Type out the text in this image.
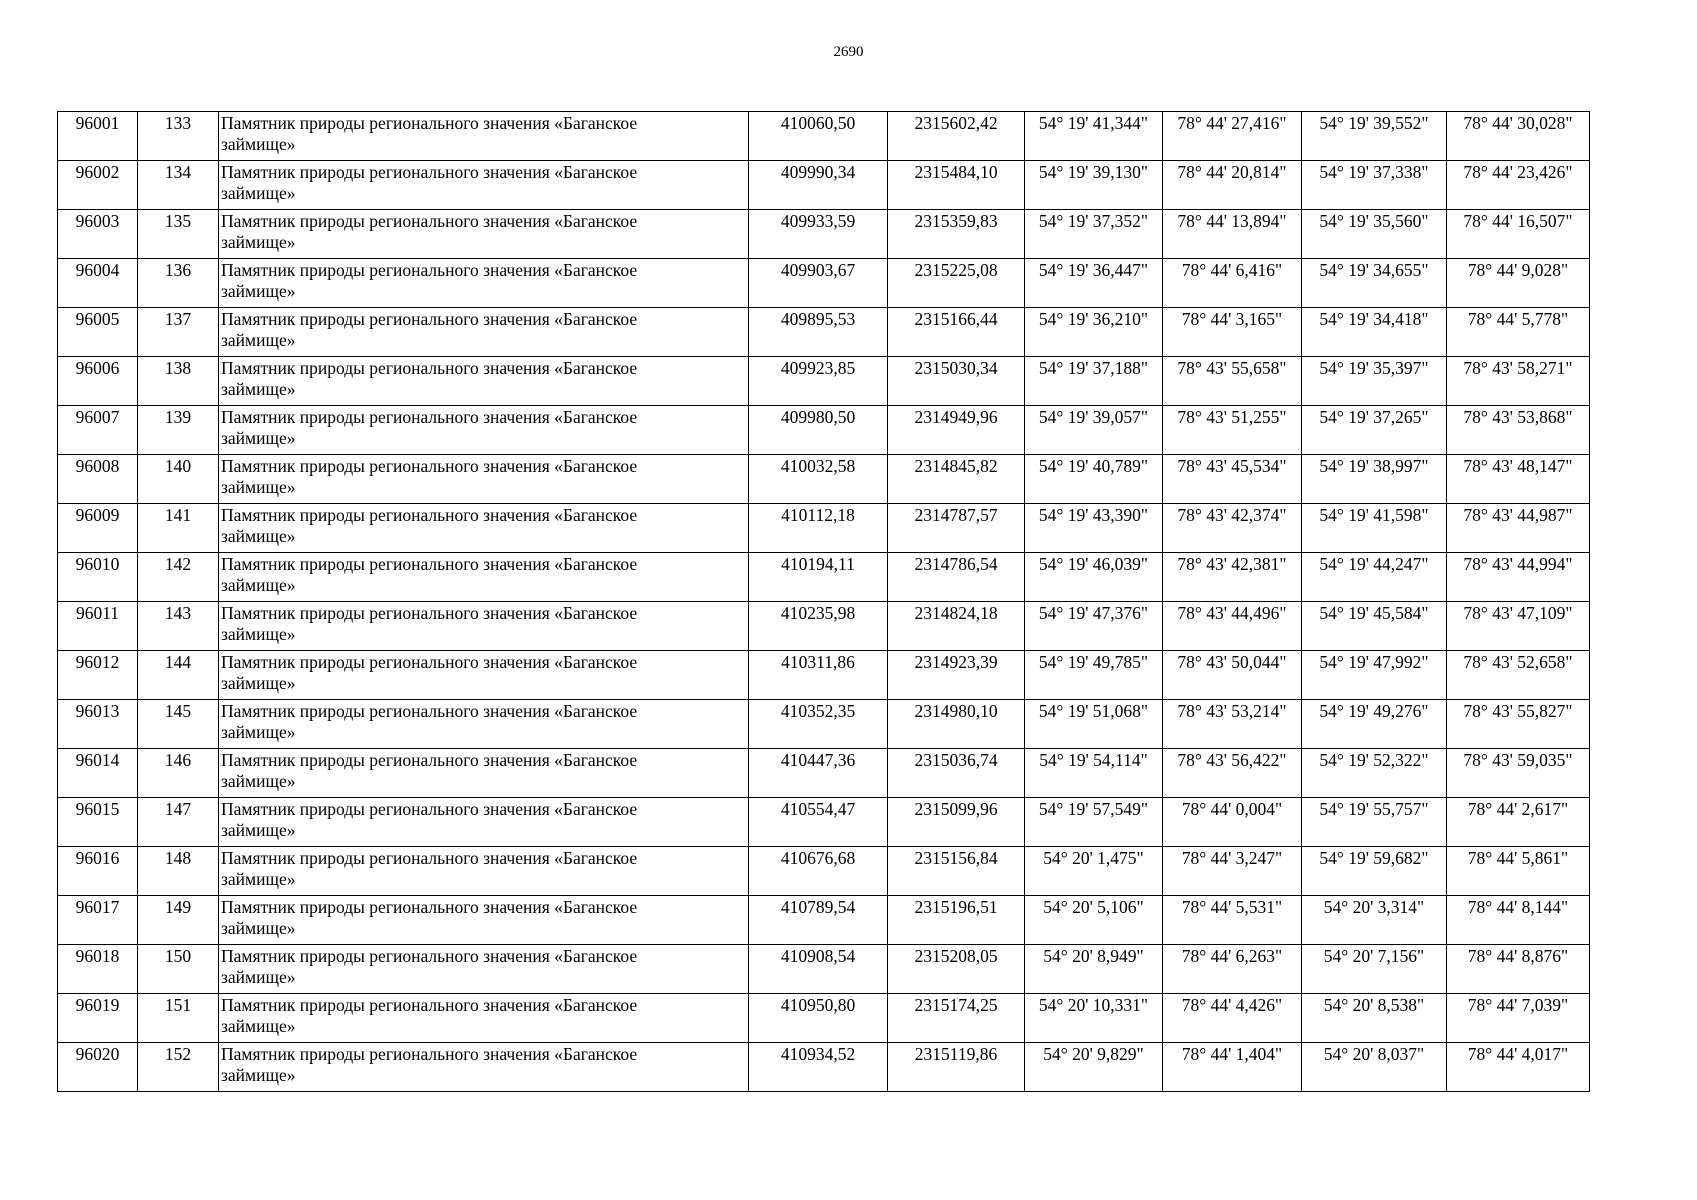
2690
96001	133	Памятник природы регионального значения «Баганское займище»	410060,50	2315602,42	54° 19' 41,344"	78° 44' 27,416"	54° 19' 39,552"	78° 44' 30,028"
96002	134	Памятник природы регионального значения «Баганское займище»	409990,34	2315484,10	54° 19' 39,130"	78° 44' 20,814"	54° 19' 37,338"	78° 44' 23,426"
96003	135	Памятник природы регионального значения «Баганское займище»	409933,59	2315359,83	54° 19' 37,352"	78° 44' 13,894"	54° 19' 35,560"	78° 44' 16,507"
96004	136	Памятник природы регионального значения «Баганское займище»	409903,67	2315225,08	54° 19' 36,447"	78° 44' 6,416"	54° 19' 34,655"	78° 44' 9,028"
96005	137	Памятник природы регионального значения «Баганское займище»	409895,53	2315166,44	54° 19' 36,210"	78° 44' 3,165"	54° 19' 34,418"	78° 44' 5,778"
96006	138	Памятник природы регионального значения «Баганское займище»	409923,85	2315030,34	54° 19' 37,188"	78° 43' 55,658"	54° 19' 35,397"	78° 43' 58,271"
96007	139	Памятник природы регионального значения «Баганское займище»	409980,50	2314949,96	54° 19' 39,057"	78° 43' 51,255"	54° 19' 37,265"	78° 43' 53,868"
96008	140	Памятник природы регионального значения «Баганское займище»	410032,58	2314845,82	54° 19' 40,789"	78° 43' 45,534"	54° 19' 38,997"	78° 43' 48,147"
96009	141	Памятник природы регионального значения «Баганское займище»	410112,18	2314787,57	54° 19' 43,390"	78° 43' 42,374"	54° 19' 41,598"	78° 43' 44,987"
96010	142	Памятник природы регионального значения «Баганское займище»	410194,11	2314786,54	54° 19' 46,039"	78° 43' 42,381"	54° 19' 44,247"	78° 43' 44,994"
96011	143	Памятник природы регионального значения «Баганское займище»	410235,98	2314824,18	54° 19' 47,376"	78° 43' 44,496"	54° 19' 45,584"	78° 43' 47,109"
96012	144	Памятник природы регионального значения «Баганское займище»	410311,86	2314923,39	54° 19' 49,785"	78° 43' 50,044"	54° 19' 47,992"	78° 43' 52,658"
96013	145	Памятник природы регионального значения «Баганское займище»	410352,35	2314980,10	54° 19' 51,068"	78° 43' 53,214"	54° 19' 49,276"	78° 43' 55,827"
96014	146	Памятник природы регионального значения «Баганское займище»	410447,36	2315036,74	54° 19' 54,114"	78° 43' 56,422"	54° 19' 52,322"	78° 43' 59,035"
96015	147	Памятник природы регионального значения «Баганское займище»	410554,47	2315099,96	54° 19' 57,549"	78° 44' 0,004"	54° 19' 55,757"	78° 44' 2,617"
96016	148	Памятник природы регионального значения «Баганское займище»	410676,68	2315156,84	54° 20' 1,475"	78° 44' 3,247"	54° 19' 59,682"	78° 44' 5,861"
96017	149	Памятник природы регионального значения «Баганское займище»	410789,54	2315196,51	54° 20' 5,106"	78° 44' 5,531"	54° 20' 3,314"	78° 44' 8,144"
96018	150	Памятник природы регионального значения «Баганское займище»	410908,54	2315208,05	54° 20' 8,949"	78° 44' 6,263"	54° 20' 7,156"	78° 44' 8,876"
96019	151	Памятник природы регионального значения «Баганское займище»	410950,80	2315174,25	54° 20' 10,331"	78° 44' 4,426"	54° 20' 8,538"	78° 44' 7,039"
96020	152	Памятник природы регионального значения «Баганское займище»	410934,52	2315119,86	54° 20' 9,829"	78° 44' 1,404"	54° 20' 8,037"	78° 44' 4,017"
